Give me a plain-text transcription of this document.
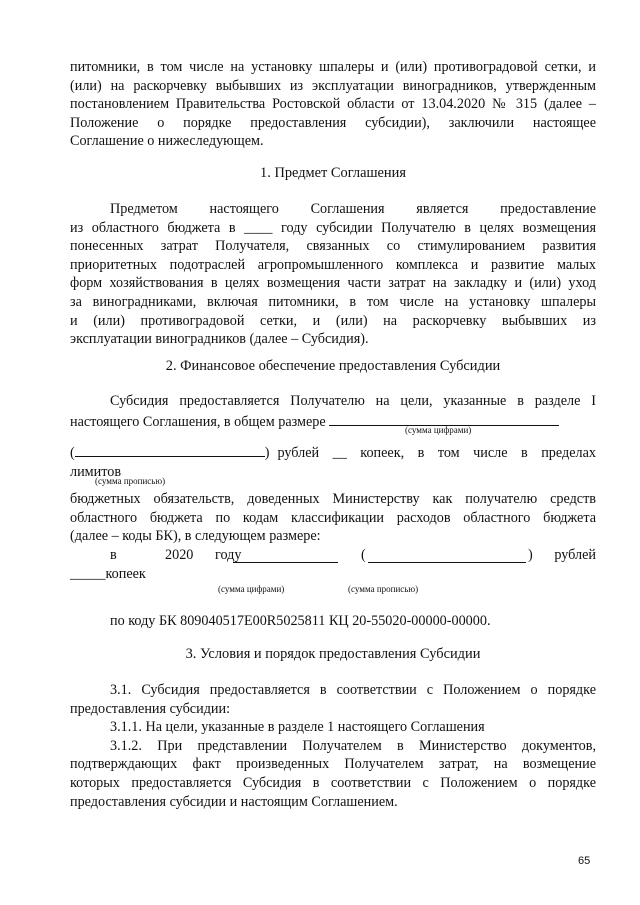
питомники, в том числе на установку шпалеры и (или) противоградовой сетки, и
(или) на раскорчевку выбывших из эксплуатации виноградников, утвержденным
постановлением Правительства Ростовской области от 13.04.2020 № 315 (далее –
Положение о порядке предоставления субсидии), заключили настоящее
Соглашение о нижеследующем.
1. Предмет Соглашения
Предметом настоящего Соглашения является предоставление
из областного бюджета в ____ году субсидии Получателю в целях возмещения
понесенных затрат Получателя, связанных со стимулированием развития
приоритетных подотраслей агропромышленного комплекса и развитие малых
форм хозяйствования в целях возмещения части затрат на закладку и (или) уход
за виноградниками, включая питомники, в том числе на установку шпалеры
и (или) противоградовой сетки, и (или) на раскорчевку выбывших из
эксплуатации виноградников (далее – Субсидия).
2. Финансовое обеспечение предоставления Субсидии
Субсидия предоставляется Получателю на цели, указанные в разделе I
настоящего Соглашения, в общем размере
(сумма цифрами)
(	) рублей __ копеек, в том числе в пределах
лимитов
(сумма прописью)
бюджетных обязательств, доведенных Министерству как получателю средств
областного бюджета по кодам классификации расходов областного бюджета
(далее – коды БК), в следующем размере:
в	2020 году	(	) рублей
_____копеек
(сумма цифрами)	(сумма прописью)
по коду БК 809040517Е00R5025811 КЦ 20-55020-00000-00000.
3. Условия и порядок предоставления Субсидии
3.1. Субсидия предоставляется в соответствии с Положением о порядке
предоставления субсидии:
3.1.1. На цели, указанные в разделе 1 настоящего Соглашения
3.1.2. При представлении Получателем в Министерство документов,
подтверждающих факт произведенных Получателем затрат, на возмещение
которых предоставляется Субсидия в соответствии с Положением о порядке
предоставления субсидии и настоящим Соглашением.
65
